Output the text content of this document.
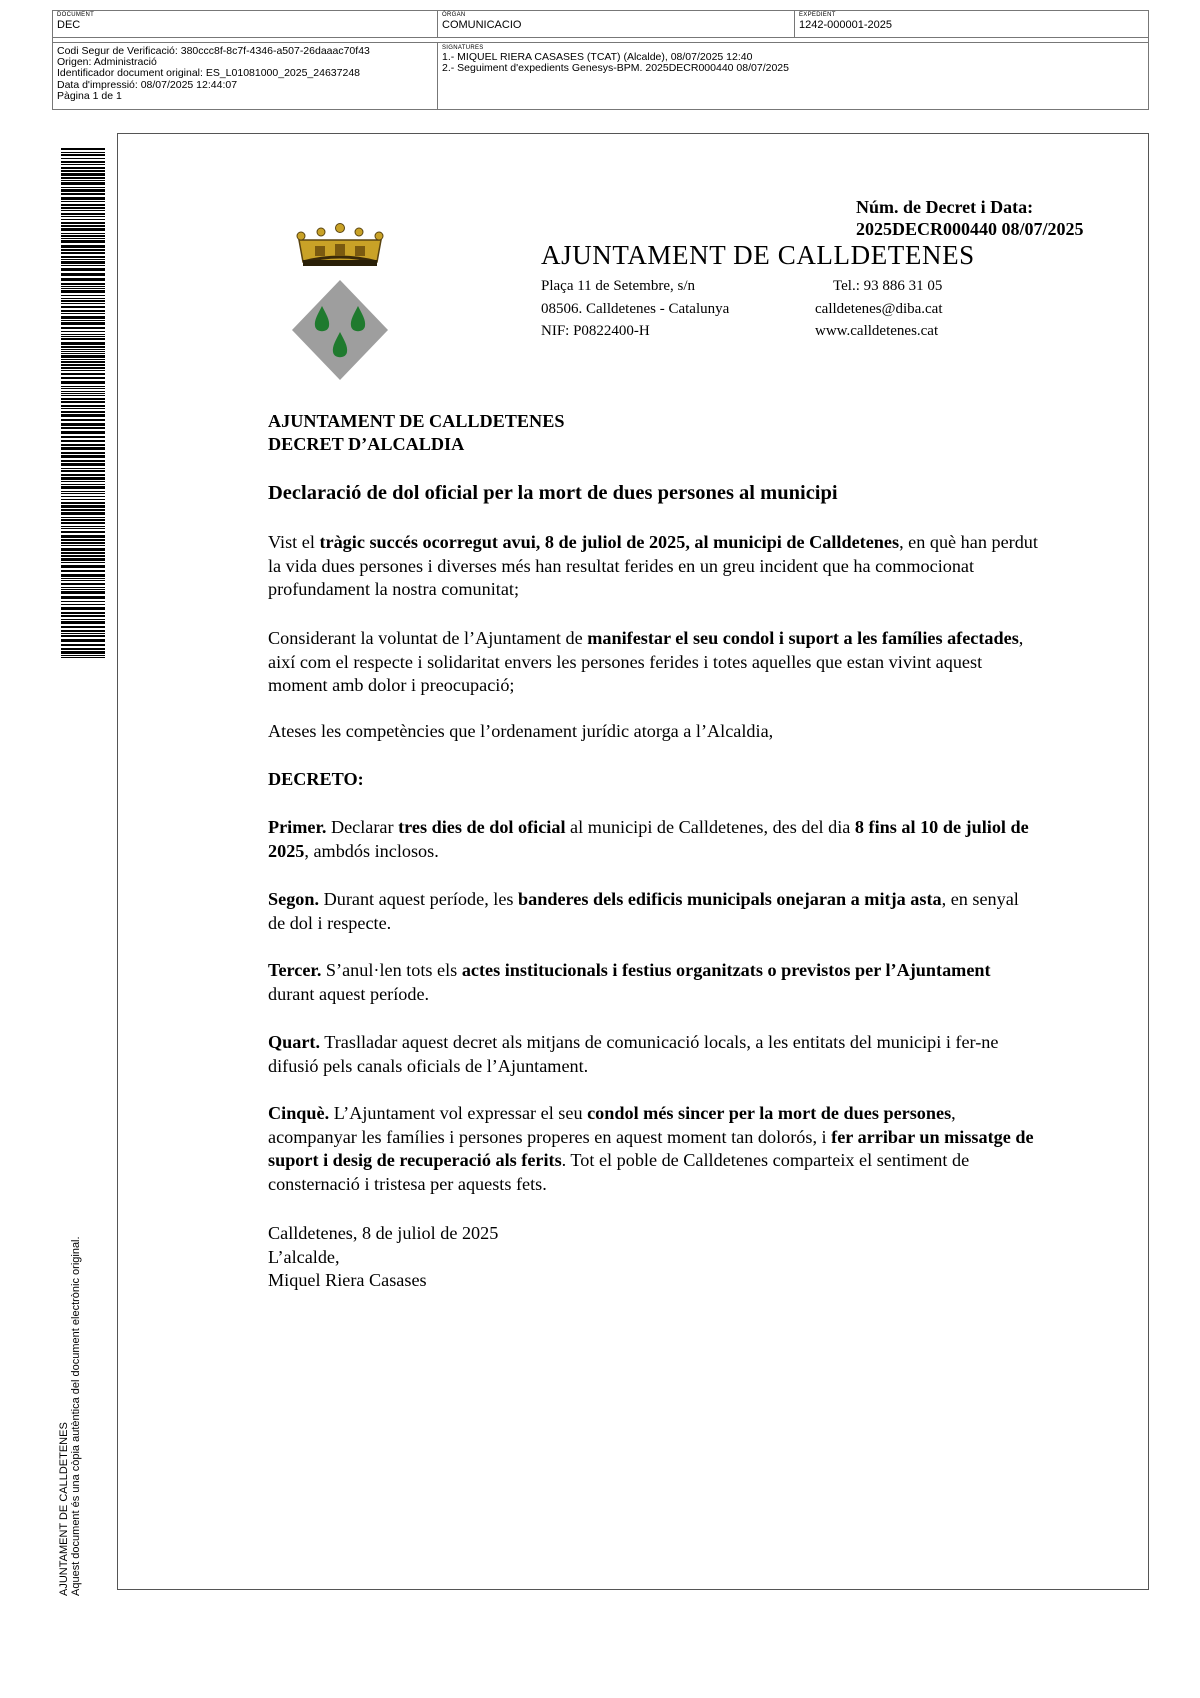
DOCUMENT
DEC
ÒRGAN
COMUNICACIO
EXPEDIENT
1242-000001-2025
Codi Segur de Verificació: 380ccc8f-8c7f-4346-a507-26daaac70f43
Origen: Administració
Identificador document original: ES_L01081000_2025_24637248
Data d'impressió: 08/07/2025 12:44:07
Pàgina 1 de 1
SIGNATURES
1.- MIQUEL RIERA CASASES (TCAT) (Alcalde), 08/07/2025 12:40
2.- Seguiment d'expedients Genesys-BPM. 2025DECR000440 08/07/2025
AJUNTAMENT DE CALLDETENES Aquest document és una còpia autèntica del document electrònic original.
Núm. de Decret i Data:
2025DECR000440 08/07/2025
AJUNTAMENT DE CALLDETENES
Plaça 11 de Setembre, s/n
08506. Calldetenes - Catalunya
NIF: P0822400-H
Tel.: 93 886 31 05
calldetenes@diba.cat
www.calldetenes.cat
AJUNTAMENT DE CALLDETENES
DECRET D’ALCALDIA
Declaració de dol oficial per la mort de dues persones al municipi

Vist el tràgic succés ocorregut avui, 8 de juliol de 2025, al municipi de Calldetenes, en què han perdut la vida dues persones i diverses més han resultat ferides en un greu incident que ha commocionat profundament la nostra comunitat;

Considerant la voluntat de l’Ajuntament de manifestar el seu condol i suport a les famílies afectades, així com el respecte i solidaritat envers les persones ferides i totes aquelles que estan vivint aquest moment amb dolor i preocupació;

Ateses les competències que l’ordenament jurídic atorga a l’Alcaldia,

DECRETO:

Primer. Declarar tres dies de dol oficial al municipi de Calldetenes, des del dia 8 fins al 10 de juliol de 2025, ambdós inclosos.

Segon. Durant aquest període, les banderes dels edificis municipals onejaran a mitja asta, en senyal de dol i respecte.

Tercer. S’anul·len tots els actes institucionals i festius organitzats o previstos per l’Ajuntament durant aquest període.

Quart. Traslladar aquest decret als mitjans de comunicació locals, a les entitats del municipi i fer-ne difusió pels canals oficials de l’Ajuntament.

Cinquè. L’Ajuntament vol expressar el seu condol més sincer per la mort de dues persones, acompanyar les famílies i persones properes en aquest moment tan dolorós, i fer arribar un missatge de suport i desig de recuperació als ferits. Tot el poble de Calldetenes comparteix el sentiment de consternació i tristesa per aquests fets.

Calldetenes, 8 de juliol de 2025
L’alcalde,
Miquel Riera Casases
